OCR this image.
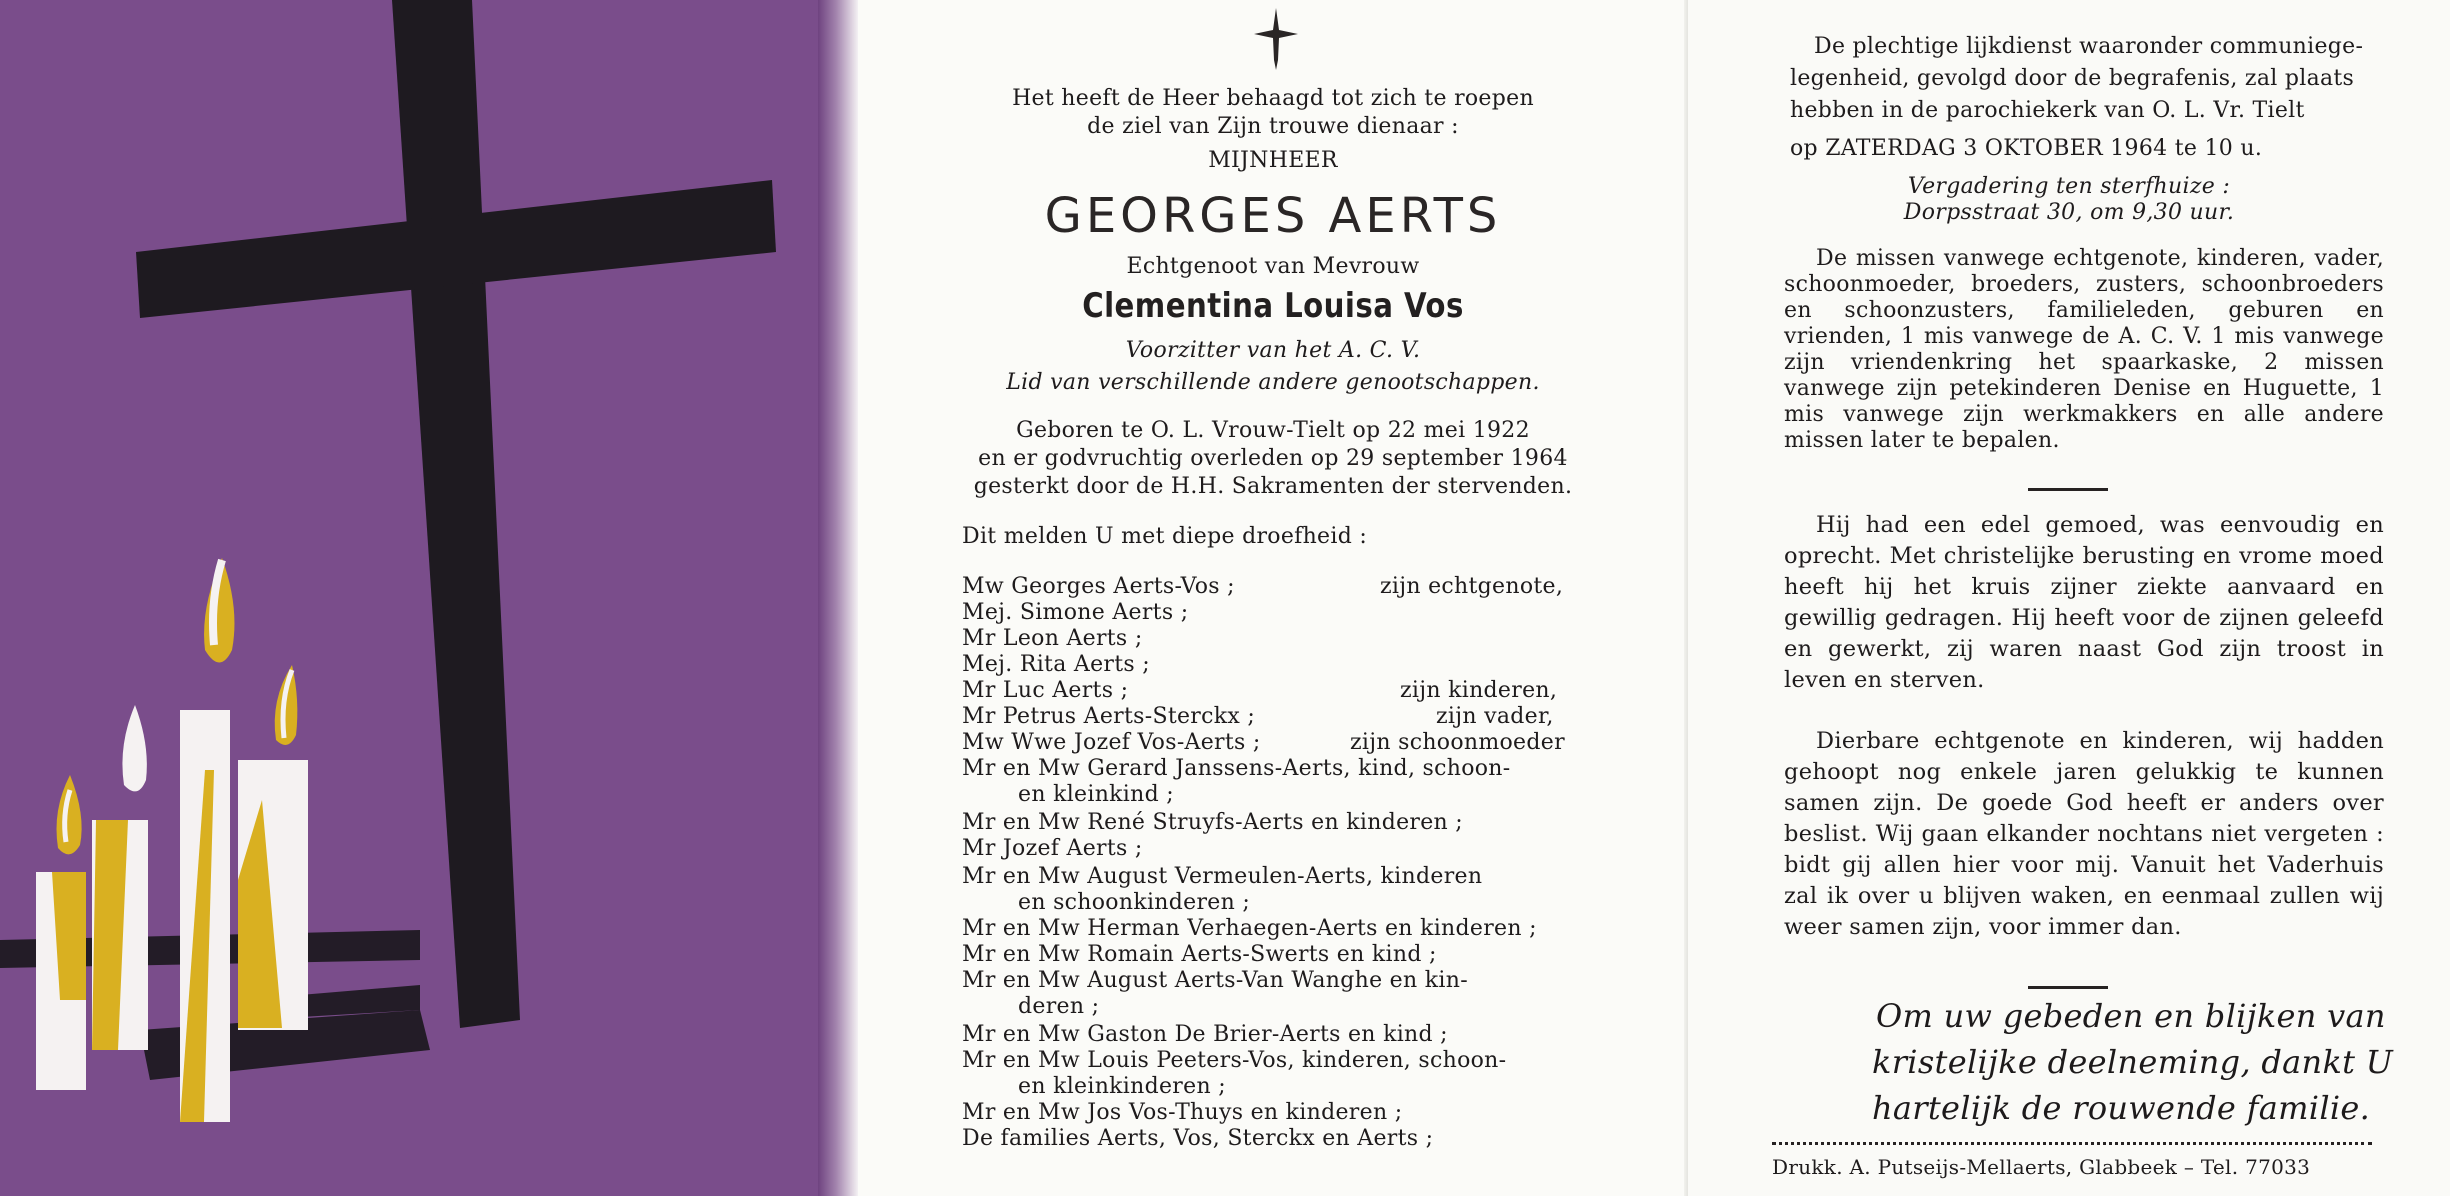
Het heeft de Heer behaagd tot zich te roepen
de ziel van Zijn trouwe dienaar :
MIJNHEER
GEORGES AERTS
Echtgenoot van Mevrouw
Clementina Louisa Vos
Voorzitter van het A. C. V.
Lid van verschillende andere genootschappen.
Geboren te O. L. Vrouw-Tielt op 22 mei 1922
en er godvruchtig overleden op 29 september 1964
gesterkt door de H.H. Sakramenten der stervenden.
Dit melden U met diepe droefheid :
Mw Georges Aerts-Vos ;	zijn echtgenote,
Mej. Simone Aerts ;
Mr Leon Aerts ;
Mej. Rita Aerts ;
Mr Luc Aerts ;	zijn kinderen,
Mr Petrus Aerts-Sterckx ;	zijn vader,
Mw Wwe Jozef Vos-Aerts ;	zijn schoonmoeder
Mr en Mw Gerard Janssens-Aerts, kind, schoon-
en kleinkind ;
Mr en Mw René Struyfs-Aerts en kinderen ;
Mr Jozef Aerts ;
Mr en Mw August Vermeulen-Aerts, kinderen
en schoonkinderen ;
Mr en Mw Herman Verhaegen-Aerts en kinderen ;
Mr en Mw Romain Aerts-Swerts en kind ;
Mr en Mw August Aerts-Van Wanghe en kin-
deren ;
Mr en Mw Gaston De Brier-Aerts en kind ;
Mr en Mw Louis Peeters-Vos, kinderen, schoon-
en kleinkinderen ;
Mr en Mw Jos Vos-Thuys en kinderen ;
De families Aerts, Vos, Sterckx en Aerts ;
De plechtige lijkdienst waaronder communiege-
legenheid, gevolgd door de begrafenis, zal plaats
hebben in de parochiekerk van O. L. Vr. Tielt
op ZATERDAG 3 OKTOBER 1964 te 10 u.
Vergadering ten sterfhuize :
Dorpsstraat 30, om 9,30 uur.
De missen vanwege echtgenote, kinderen, vader, schoonmoeder, broeders, zusters, schoonbroeders en schoonzusters, familieleden, geburen en vrienden, 1 mis vanwege de A. C. V. 1 mis vanwege zijn vriendenkring het spaarkaske, 2 missen vanwege zijn petekinderen Denise en Huguette, 1 mis vanwege zijn werkmakkers en alle andere missen later te bepalen.
Hij had een edel gemoed, was eenvoudig en oprecht. Met christelijke berusting en vrome moed heeft hij het kruis zijner ziekte aanvaard en gewillig gedragen. Hij heeft voor de zijnen geleefd en gewerkt, zij waren naast God zijn troost in leven en sterven.
Dierbare echtgenote en kinderen, wij hadden gehoopt nog enkele jaren gelukkig te kunnen samen zijn. De goede God heeft er anders over beslist. Wij gaan elkander nochtans niet vergeten : bidt gij allen hier voor mij. Vanuit het Vaderhuis zal ik over u blijven waken, en eenmaal zullen wij weer samen zijn, voor immer dan.
Om uw gebeden en blijken van
kristelijke deelneming, dankt U
hartelijk de rouwende familie.
Drukk. A. Putseijs-Mellaerts, Glabbeek – Tel. 77033
